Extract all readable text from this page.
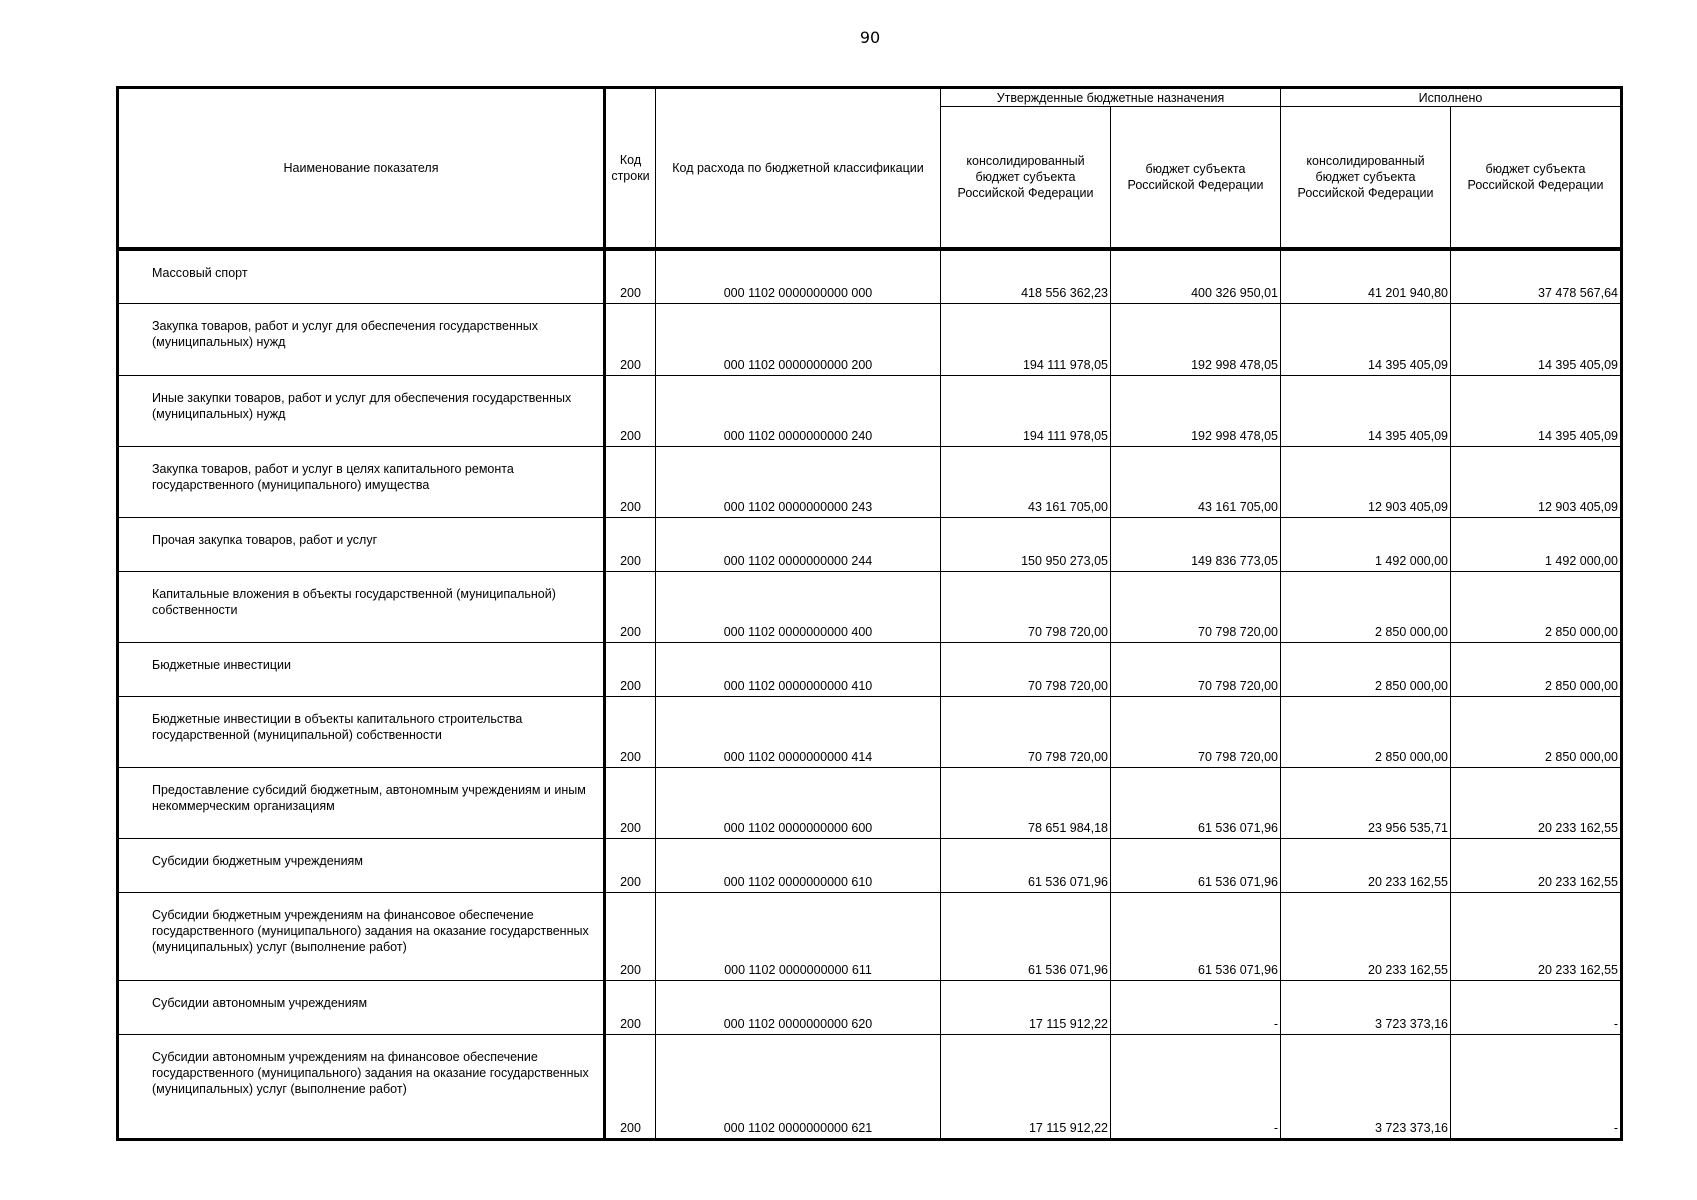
90
Наименование показателя	Код строки	Код расхода по бюджетной классификации	Утвержденные бюджетные назначения		Исполнено	
			консолидированный бюджет субъекта Российской Федерации	бюджет субъекта Российской Федерации	консолидированный бюджет субъекта Российской Федерации	бюджет субъекта Российской Федерации
Массовый спорт	200	000 1102 0000000000 000	418 556 362,23	400 326 950,01	41 201 940,80	37 478 567,64
Закупка товаров, работ и услуг для обеспечения государственных (муниципальных) нужд	200	000 1102 0000000000 200	194 111 978,05	192 998 478,05	14 395 405,09	14 395 405,09
Иные закупки товаров, работ и услуг для обеспечения государственных (муниципальных) нужд	200	000 1102 0000000000 240	194 111 978,05	192 998 478,05	14 395 405,09	14 395 405,09
Закупка товаров, работ и услуг в целях капитального ремонта государственного (муниципального) имущества	200	000 1102 0000000000 243	43 161 705,00	43 161 705,00	12 903 405,09	12 903 405,09
Прочая закупка товаров, работ и услуг	200	000 1102 0000000000 244	150 950 273,05	149 836 773,05	1 492 000,00	1 492 000,00
Капитальные вложения в объекты государственной (муниципальной) собственности	200	000 1102 0000000000 400	70 798 720,00	70 798 720,00	2 850 000,00	2 850 000,00
Бюджетные инвестиции	200	000 1102 0000000000 410	70 798 720,00	70 798 720,00	2 850 000,00	2 850 000,00
Бюджетные инвестиции в объекты капитального строительства государственной (муниципальной) собственности	200	000 1102 0000000000 414	70 798 720,00	70 798 720,00	2 850 000,00	2 850 000,00
Предоставление субсидий бюджетным, автономным учреждениям и иным некоммерческим организациям	200	000 1102 0000000000 600	78 651 984,18	61 536 071,96	23 956 535,71	20 233 162,55
Субсидии бюджетным учреждениям	200	000 1102 0000000000 610	61 536 071,96	61 536 071,96	20 233 162,55	20 233 162,55
Субсидии бюджетным учреждениям на финансовое обеспечение государственного (муниципального) задания на оказание государственных (муниципальных) услуг (выполнение работ)	200	000 1102 0000000000 611	61 536 071,96	61 536 071,96	20 233 162,55	20 233 162,55
Субсидии автономным учреждениям	200	000 1102 0000000000 620	17 115 912,22	-	3 723 373,16	-
Субсидии автономным учреждениям на финансовое обеспечение государственного (муниципального) задания на оказание государственных (муниципальных) услуг (выполнение работ)	200	000 1102 0000000000 621	17 115 912,22	-	3 723 373,16	-
